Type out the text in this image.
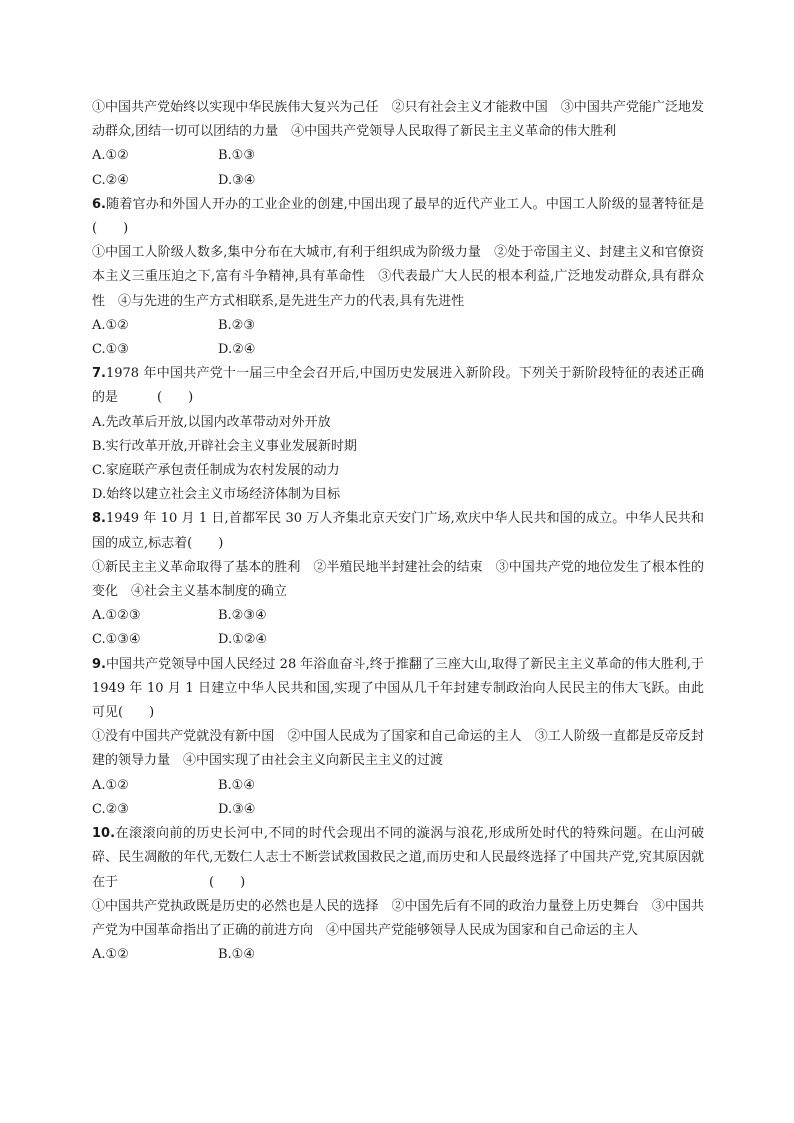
①中国共产党始终以实现中华民族伟大复兴为己任　②只有社会主义才能救中国　③中国共产党能广泛地发动群众,团结一切可以团结的力量　④中国共产党领导人民取得了新民主主义革命的伟大胜利

A.①②	B.①③
C.②④	D.③④

6.随着官办和外国人开办的工业企业的创建,中国出现了最早的近代产业工人。中国工人阶级的显著特征是(　　)

①中国工人阶级人数多,集中分布在大城市,有利于组织成为阶级力量　②处于帝国主义、封建主义和官僚资本主义三重压迫之下,富有斗争精神,具有革命性　③代表最广大人民的根本利益,广泛地发动群众,具有群众性　④与先进的生产方式相联系,是先进生产力的代表,具有先进性

A.①②	B.②③
C.①③	D.②④

7.1978 年中国共产党十一届三中全会召开后,中国历史发展进入新阶段。下列关于新阶段特征的表述正确的是　　　(　　)

A.先改革后开放,以国内改革带动对外开放

B.实行改革开放,开辟社会主义事业发展新时期

C.家庭联产承包责任制成为农村发展的动力

D.始终以建立社会主义市场经济体制为目标

8.1949 年 10 月 1 日,首都军民 30 万人齐集北京天安门广场,欢庆中华人民共和国的成立。中华人民共和国的成立,标志着(　　)

①新民主主义革命取得了基本的胜利　②半殖民地半封建社会的结束　③中国共产党的地位发生了根本性的变化　④社会主义基本制度的确立

A.①②③	B.②③④
C.①③④	D.①②④

9.中国共产党领导中国人民经过 28 年浴血奋斗,终于推翻了三座大山,取得了新民主主义革命的伟大胜利,于 1949 年 10 月 1 日建立中华人民共和国,实现了中国从几千年封建专制政治向人民民主的伟大飞跃。由此可见(　　)

①没有中国共产党就没有新中国　②中国人民成为了国家和自己命运的主人　③工人阶级一直都是反帝反封建的领导力量　④中国实现了由社会主义向新民主主义的过渡

A.①②	B.①④
C.②③	D.③④

10.在滚滚向前的历史长河中,不同的时代会现出不同的漩涡与浪花,形成所处时代的特殊问题。在山河破碎、民生凋敝的年代,无数仁人志士不断尝试救国救民之道,而历史和人民最终选择了中国共产党,究其原因就在于　　　　　　　(　　)

①中国共产党执政既是历史的必然也是人民的选择　②中国先后有不同的政治力量登上历史舞台　③中国共产党为中国革命指出了正确的前进方向　④中国共产党能够领导人民成为国家和自己命运的主人

A.①②	B.①④
